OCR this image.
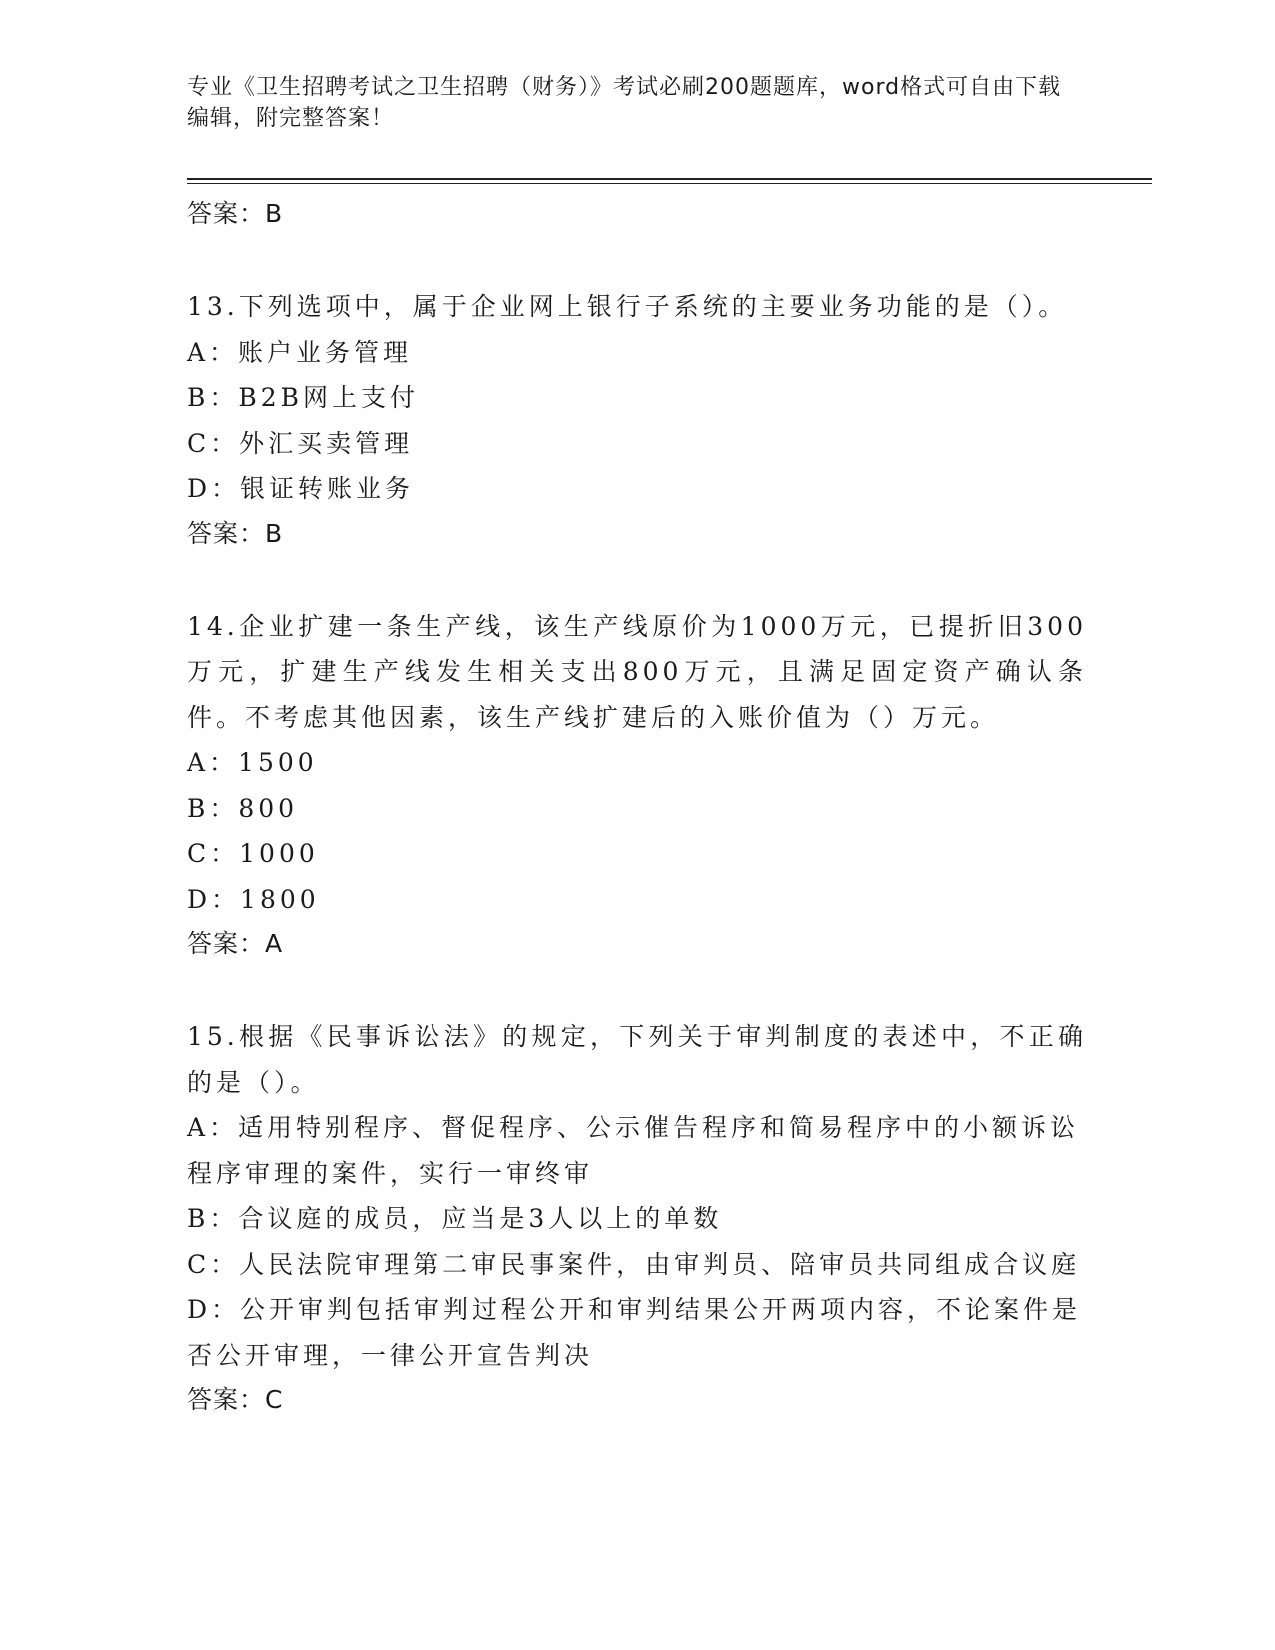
专业《卫生招聘考试之卫生招聘（财务）》考试必刷200题题库，word格式可自由下载编辑，附完整答案！
答案：B
13.下列选项中，属于企业网上银行子系统的主要业务功能的是（）。
A：账户业务管理
B：B2B网上支付
C：外汇买卖管理
D：银证转账业务
答案：B
14.企业扩建一条生产线，该生产线原价为1000万元，已提折旧300万元，扩建生产线发生相关支出800万元，且满足固定资产确认条件。不考虑其他因素，该生产线扩建后的入账价值为（）万元。
A：1500
B：800
C：1000
D：1800
答案：A
15.根据《民事诉讼法》的规定，下列关于审判制度的表述中，不正确的是（）。
A：适用特别程序、督促程序、公示催告程序和简易程序中的小额诉讼程序审理的案件，实行一审终审
B：合议庭的成员，应当是3人以上的单数
C：人民法院审理第二审民事案件，由审判员、陪审员共同组成合议庭
D：公开审判包括审判过程公开和审判结果公开两项内容，不论案件是否公开审理，一律公开宣告判决
答案：C
